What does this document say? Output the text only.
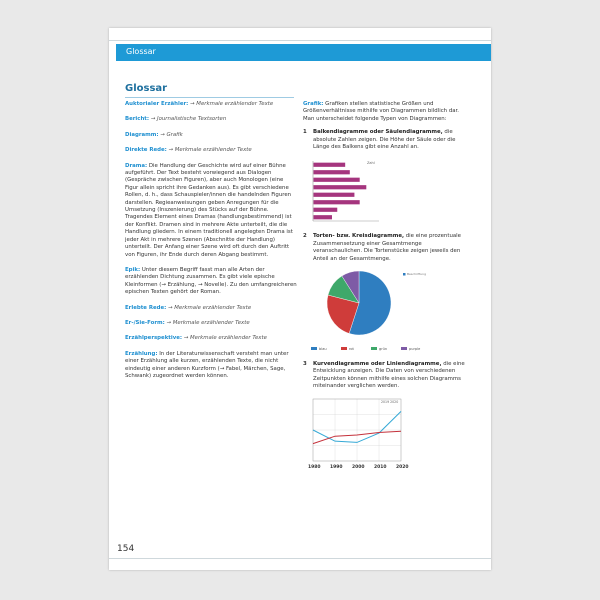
Glossar
Glossar

Auktorialer Erzähler: → Merkmale erzählender Texte

Bericht: → Journalistische Textsorten

Diagramm: → Grafik

Direkte Rede: → Merkmale erzählender Texte

Drama: Die Handlung der Geschichte wird auf einer Bühne aufgeführt. Der Text besteht vorwiegend aus Dialogen (Gespräche zwischen Figuren), aber auch Monologen (eine Figur allein spricht ihre Gedanken aus). Es gibt verschiedene Rollen, d. h., dass Schauspieler/innen die handelnden Figuren darstellen. Regieanweisungen geben Anregungen für die Umsetzung (Inszenierung) des Stücks auf der Bühne. Tragendes Element eines Dramas (handlungsbestimmend) ist der Konflikt. Dramen sind in mehrere Akte unterteilt, die die Handlung gliedern. In einem traditionell angelegten Drama ist jeder Akt in mehrere Szenen (Abschnitte der Handlung) unterteilt. Der Anfang einer Szene wird oft durch den Auftritt von Figuren, ihr Ende durch deren Abgang bestimmt.

Epik: Unter diesem Begriff fasst man alle Arten der erzählenden Dichtung zusammen. Es gibt viele epische Kleinformen (→ Erzählung, → Novelle). Zu den umfangreicheren epischen Texten gehört der Roman.

Erlebte Rede: → Merkmale erzählender Texte

Er-/Sie-Form: → Merkmale erzählender Texte

Erzählperspektive: → Merkmale erzählender Texte

Erzählung: In der Literaturwissenschaft versteht man unter einer Erzählung alle kurzen, erzählenden Texte, die nicht eindeutig einer anderen Kurzform (→ Fabel, Märchen, Sage, Schwank) zugeordnet werden können.

Grafik: Grafiken stellen statistische Größen und Größenverhältnisse mithilfe von Diagrammen bildlich dar. Man unterscheidet folgende Typen von Diagrammen:

1 Balkendiagramme oder Säulendiagramme, die absolute Zahlen zeigen. Die Höhe der Säule oder die Länge des Balkens gibt eine Anzahl an.
Zahl
2 Torten- bzw. Kreisdiagramme, die eine prozentuale Zusammensetzung einer Gesamtmenge veranschaulichen. Die Tortenstücke zeigen jeweils den Anteil an der Gesamtmenge.
Beschriftung
blau	rot	grün	purple
3 Kurvendiagramme oder Liniendiagramme, die eine Entwicklung anzeigen. Die Daten von verschiedenen Zeitpunkten können mithilfe eines solchen Diagramms miteinander verglichen werden.
2019 2020
1980 1990 2000 2010 2020
154
